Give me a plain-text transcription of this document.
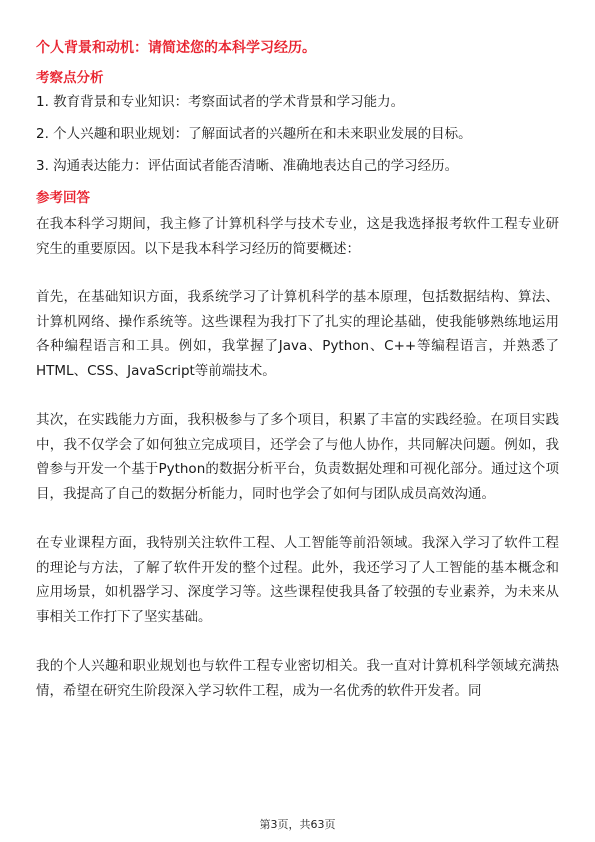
个人背景和动机：请简述您的本科学习经历。
考察点分析
1. 教育背景和专业知识：考察面试者的学术背景和学习能力。
2. 个人兴趣和职业规划：了解面试者的兴趣所在和未来职业发展的目标。
3. 沟通表达能力：评估面试者能否清晰、准确地表达自己的学习经历。
参考回答
在我本科学习期间，我主修了计算机科学与技术专业，这是我选择报考软件工程专业研究生的重要原因。以下是我本科学习经历的简要概述：
首先，在基础知识方面，我系统学习了计算机科学的基本原理，包括数据结构、算法、计算机网络、操作系统等。这些课程为我打下了扎实的理论基础，使我能够熟练地运用各种编程语言和工具。例如，我掌握了Java、Python、C++等编程语言，并熟悉了HTML、CSS、JavaScript等前端技术。
其次，在实践能力方面，我积极参与了多个项目，积累了丰富的实践经验。在项目实践中，我不仅学会了如何独立完成项目，还学会了与他人协作，共同解决问题。例如，我曾参与开发一个基于Python的数据分析平台，负责数据处理和可视化部分。通过这个项目，我提高了自己的数据分析能力，同时也学会了如何与团队成员高效沟通。
在专业课程方面，我特别关注软件工程、人工智能等前沿领域。我深入学习了软件工程的理论与方法，了解了软件开发的整个过程。此外，我还学习了人工智能的基本概念和应用场景，如机器学习、深度学习等。这些课程使我具备了较强的专业素养，为未来从事相关工作打下了坚实基础。
我的个人兴趣和职业规划也与软件工程专业密切相关。我一直对计算机科学领域充满热情，希望在研究生阶段深入学习软件工程，成为一名优秀的软件开发者。同
第3页，共63页
